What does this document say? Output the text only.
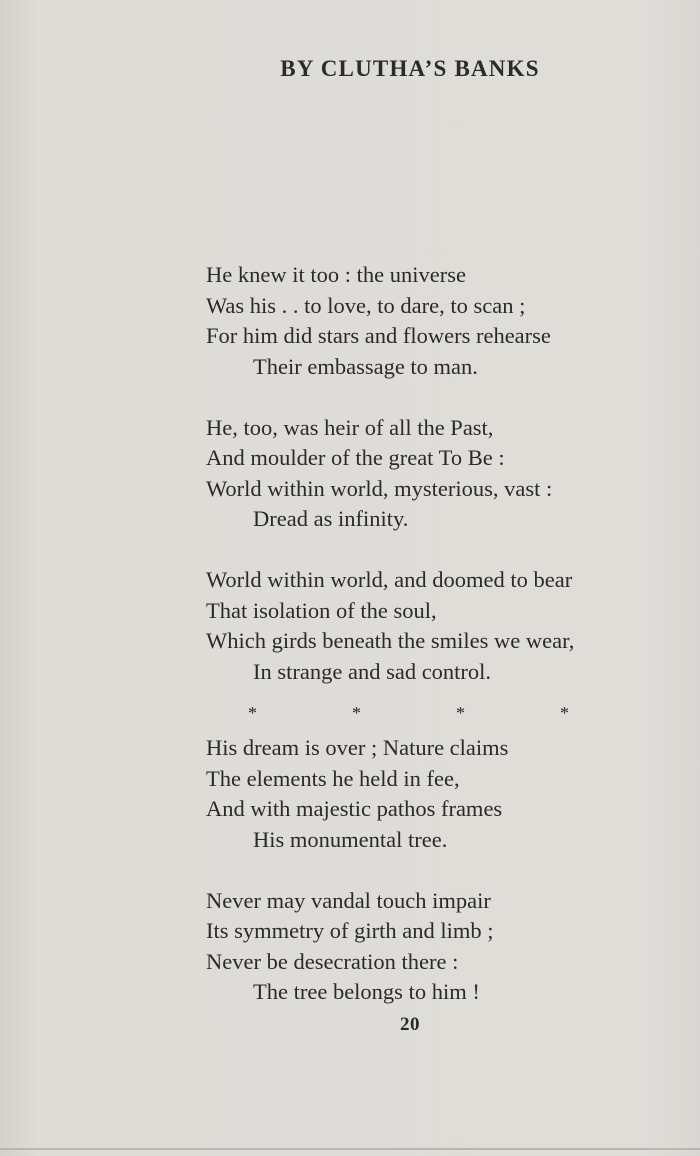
BY CLUTHA’S BANKS
He knew it too : the universe
Was his . . to love, to dare, to scan ;
For him did stars and flowers rehearse
Their embassage to man.
He, too, was heir of all the Past,
And moulder of the great To Be :
World within world, mysterious, vast :
Dread as infinity.
World within world, and doomed to bear
That isolation of the soul,
Which girds beneath the smiles we wear,
In strange and sad control.
*	*	*	*
His dream is over ; Nature claims
The elements he held in fee,
And with majestic pathos frames
His monumental tree.
Never may vandal touch impair
Its symmetry of girth and limb ;
Never be desecration there :
The tree belongs to him !
20
